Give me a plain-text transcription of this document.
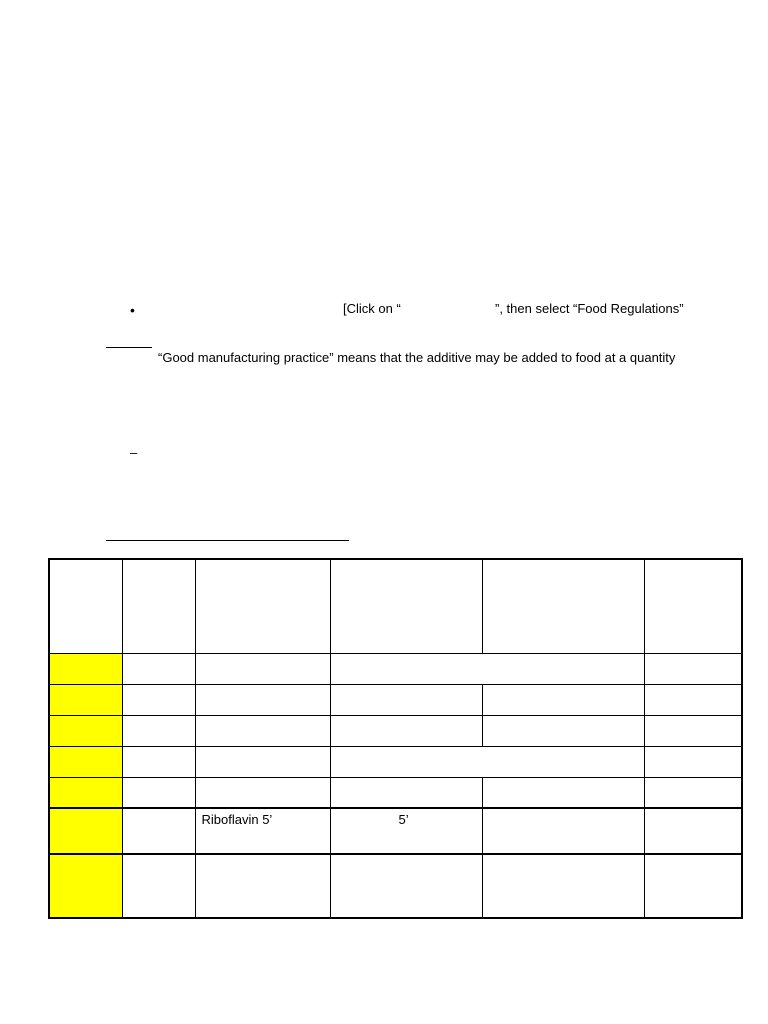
•	[Click on “	”, then select “Food Regulations”
“Good manufacturing practice” means that the additive may be added to food at a quantity
–

		Riboflavin 5’	5’		
